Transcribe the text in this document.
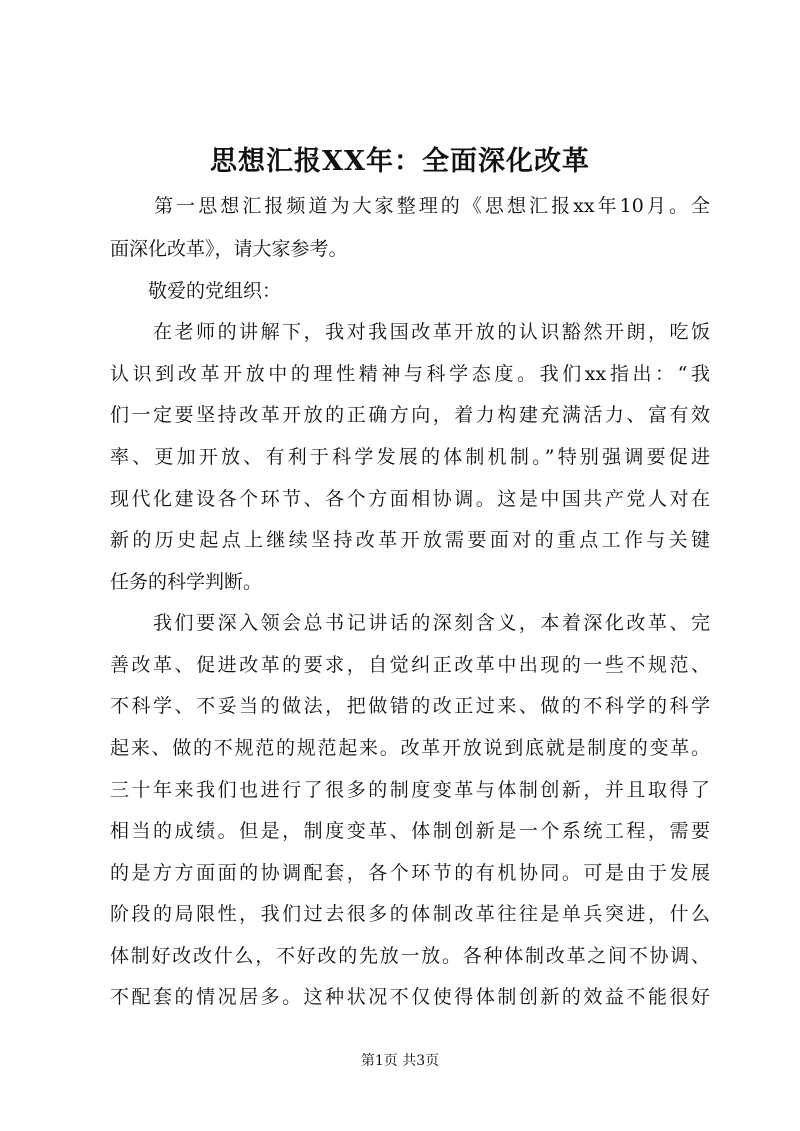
思想汇报XX年：全面深化改革
　　第一思想汇报频道为大家整理的《思想汇报xx年10月。全
面深化改革》，请大家参考。
　　敬爱的党组织：
　　在老师的讲解下，我对我国改革开放的认识豁然开朗，吃饭
认识到改革开放中的理性精神与科学态度。我们xx指出：“我
们一定要坚持改革开放的正确方向，着力构建充满活力、富有效
率、更加开放、有利于科学发展的体制机制。”特别强调要促进
现代化建设各个环节、各个方面相协调。这是中国共产党人对在
新的历史起点上继续坚持改革开放需要面对的重点工作与关键
任务的科学判断。
　　我们要深入领会总书记讲话的深刻含义，本着深化改革、完
善改革、促进改革的要求，自觉纠正改革中出现的一些不规范、
不科学、不妥当的做法，把做错的改正过来、做的不科学的科学
起来、做的不规范的规范起来。改革开放说到底就是制度的变革。
三十年来我们也进行了很多的制度变革与体制创新，并且取得了
相当的成绩。但是，制度变革、体制创新是一个系统工程，需要
的是方方面面的协调配套，各个环节的有机协同。可是由于发展
阶段的局限性，我们过去很多的体制改革往往是单兵突进，什么
体制好改改什么，不好改的先放一放。各种体制改革之间不协调、
不配套的情况居多。这种状况不仅使得体制创新的效益不能很好
第1页 共3页
